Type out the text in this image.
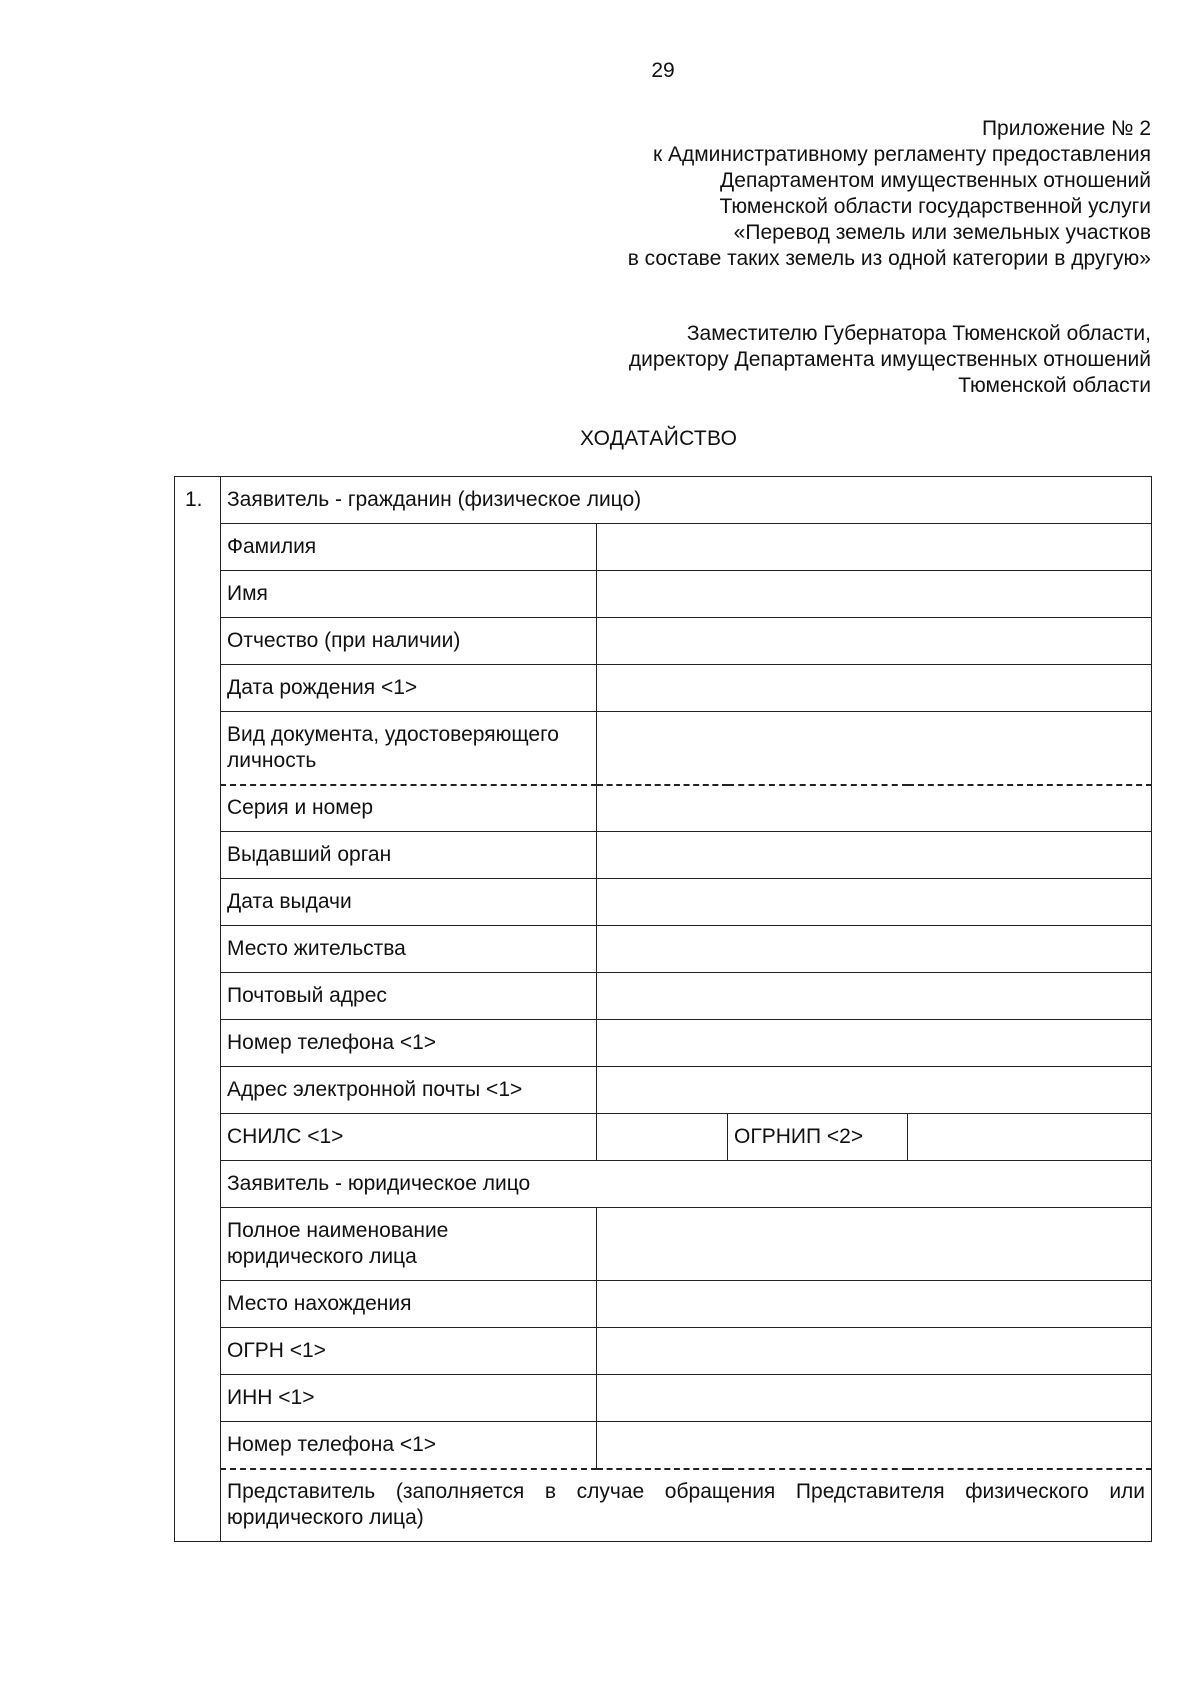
29
Приложение № 2
к Административному регламенту предоставления
Департаментом имущественных отношений
Тюменской области государственной услуги
«Перевод земель или земельных участков
в составе таких земель из одной категории в другую»
Заместителю Губернатора Тюменской области,
директору Департамента имущественных отношений
Тюменской области
ХОДАТАЙСТВО
1.	Заявитель - гражданин (физическое лицо)			
	Фамилия			
	Имя			
	Отчество (при наличии)			
	Дата рождения <1>			
	Вид документа, удостоверяющего личность			
	Серия и номер			
	Выдавший орган			
	Дата выдачи			
	Место жительства			
	Почтовый адрес			
	Номер телефона <1>			
	Адрес электронной почты <1>			
	СНИЛС <1>		ОГРНИП <2>	
	Заявитель - юридическое лицо			
	Полное наименование юридического лица			
	Место нахождения			
	ОГРН <1>			
	ИНН <1>			
	Номер телефона <1>			
	Представитель (заполняется в случае обращения Представителя физического или юридического лица)			
